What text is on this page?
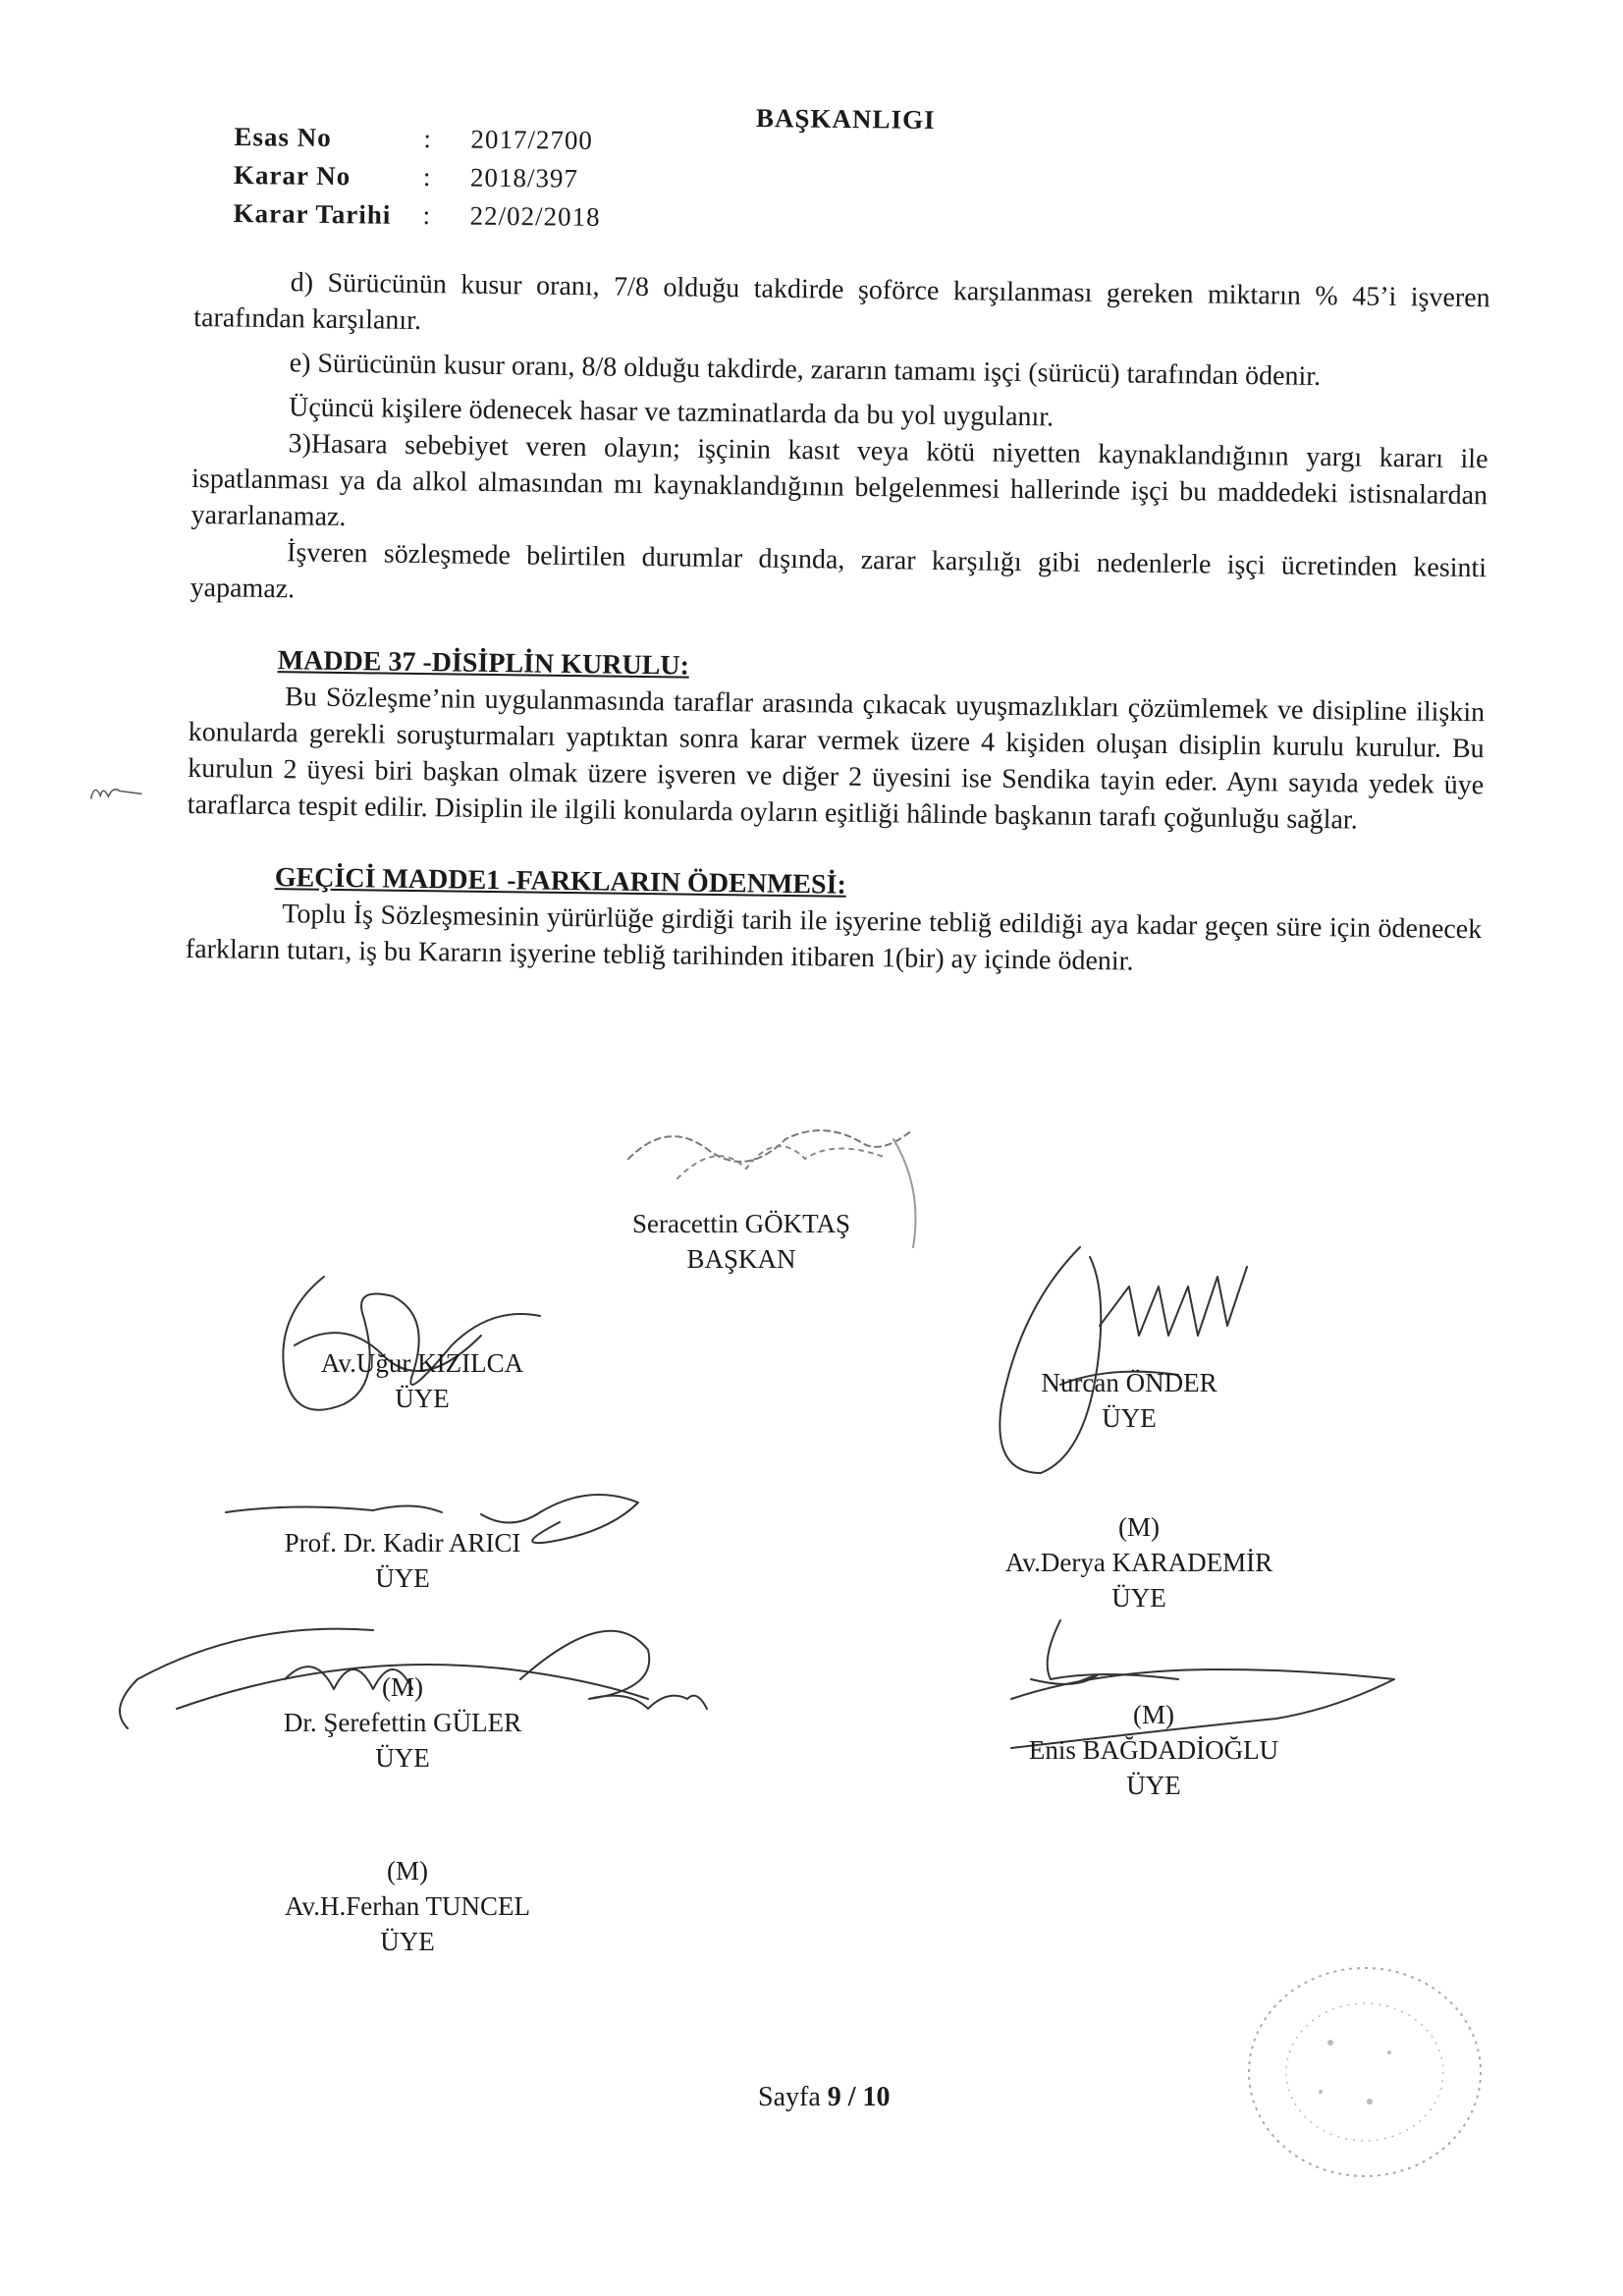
BAŞKANLIGI
Esas No	:	2017/2700
Karar No	:	2018/397
Karar Tarihi	:	22/02/2018

d) Sürücünün kusur oranı, 7/8 olduğu takdirde şoförce karşılanması gereken miktarın % 45’i işveren tarafından karşılanır.

e) Sürücünün kusur oranı, 8/8 olduğu takdirde, zararın tamamı işçi (sürücü) tarafından ödenir.

Üçüncü kişilere ödenecek hasar ve tazminatlarda da bu yol uygulanır.

3)Hasara sebebiyet veren olayın; işçinin kasıt veya kötü niyetten kaynaklandığının yargı kararı ile ispatlanması ya da alkol almasından mı kaynaklandığının belgelenmesi hallerinde işçi bu maddedeki istisnalardan yararlanamaz.

İşveren sözleşmede belirtilen durumlar dışında, zarar karşılığı gibi nedenlerle işçi ücretinden kesinti yapamaz.

MADDE 37 -DİSİPLİN KURULU:

Bu Sözleşme’nin uygulanmasında taraflar arasında çıkacak uyuşmazlıkları çözümlemek ve disipline ilişkin konularda gerekli soruşturmaları yaptıktan sonra karar vermek üzere 4 kişiden oluşan disiplin kurulu kurulur. Bu kurulun 2 üyesi biri başkan olmak üzere işveren ve diğer 2 üyesini ise Sendika tayin eder. Aynı sayıda yedek üye taraflarca tespit edilir. Disiplin ile ilgili konularda oyların eşitliği hâlinde başkanın tarafı çoğunluğu sağlar.

GEÇİCİ MADDE1 -FARKLARIN ÖDENMESİ:

Toplu İş Sözleşmesinin yürürlüğe girdiği tarih ile işyerine tebliğ edildiği aya kadar geçen süre için ödenecek farkların tutarı, iş bu Kararın işyerine tebliğ tarihinden itibaren 1(bir) ay içinde ödenir.

Seracettin GÖKTAŞ
BAŞKAN
Av.Uğur KIZILCA
ÜYE
Nurcan ÖNDER
ÜYE
Prof. Dr. Kadir ARICI
ÜYE
(M)
Av.Derya KARADEMİR
ÜYE
(M)
Dr. Şerefettin GÜLER
ÜYE
(M)
Enis BAĞDADİOĞLU
ÜYE
(M)
Av.H.Ferhan TUNCEL
ÜYE
Sayfa 9 / 10
